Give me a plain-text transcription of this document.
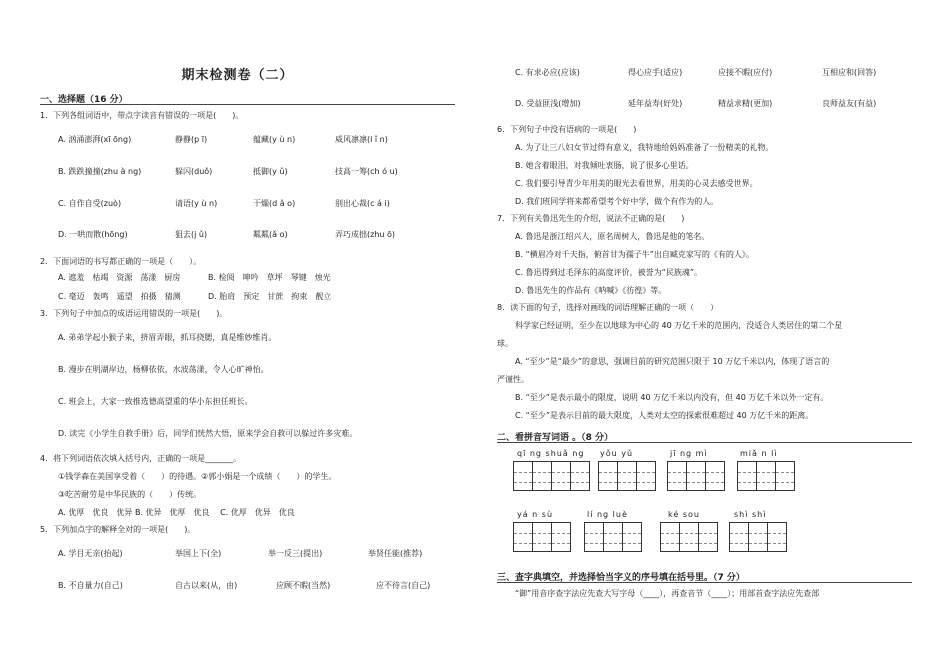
期末检测卷（二）
一、选择题（16 分）
1．下列各组词语中，带点字读音有错误的一项是(　　)。
A. 汹涌澎湃(xī ōng)	静静(p ī)	蕴藏(y ù n)	威风凛凛(l ǐ n)
B. 跌跌撞撞(zhu à ng)	躲闪(duǒ)	抵御(y ǔ)	技高一筹(ch ó u)
C. 自作自受(zuò)	请语(y ù n)	干燥(d ǎ o)	别出心裁(c á i)
D. 一哄而散(hōng)	狙去(j ǔ)	粼粼(ǎ o)	弄巧成拙(zhu ō)
2．下面词语的书写都正确的一项是（　　）。
A. 遮羞　枯竭　资源　荡漾　厨房	B. 检阅　呻吟　草坪　琴键　烛光
C. 毫迈　轰鸣　遥望　拍摄　猜测	D. 胎肩　预定　甘蔗　拘束　靓立
3．下列句子中加点的成语运用错误的一项是(　　)。
A. 弟弟学起小猴子来，挤眉弄眼，抓耳挠腮，真是维妙维肖。
B. 漫步在明湖岸边，杨柳依依，水波荡漾，令人心旷神怡。
C. 班会上，大家一致推选德高望重的华小东担任班长。
D. 读完《小学生自救手册》后，同学们恍然大悟，原来学会自救可以躲过许多灾难。
4．将下列词语依次填入括号内，正确的一项是_______。
①钱学森在美国享受着（　　）的待遇。②郭小娟是一个成绩（　　）的学生。
③吃苦耐劳是中华民族的（　　）传统。
A. 优厚　优良　优异 B. 优异　优厚　优良　 C. 优厚　优异　优良
5．下列加点字的解释全对的一项是(　　)。
A. 学目无亲(抬起)	举国上下(全)	举一反三(提出)	举贤任能(推荐)
B. 不自量力(自己)	自古以来(从，由)	应顾不暇(当然)	应不待言(自己)
C. 有求必应(应该)	得心应手(适应)	应接不暇(应付)	互相应和(回答)
D. 受益匪浅(增加)	延年益寿(好处)	精益求精(更加)	良师益友(有益)
6．下列句子中没有语病的一项是(　　)
A. 为了让三八妇女节过得有意义，我特地给妈妈准备了一份精美的礼物。
B. 她含着眼泪，对我倾吐衷肠，说了很多心里话。
C. 我们要引导青少年用美的眼光去看世界，用美的心灵去感受世界。
D. 我们班同学将来都希望考个好中学，做个有作为的人。
7．下列有关鲁迅先生的介绍，说法不正确的是(　　)
A. 鲁迅是浙江绍兴人，原名周树人，鲁迅是他的笔名。
B. “横眉冷对千夫指，俯首甘为孺子牛”出自臧克家写的《有的人》。
C. 鲁迅得到过毛泽东的高度评价，被誉为“民族魂”。
D. 鲁迅先生的作品有《呐喊》《彷徨》等。
8．读下面的句子，选择对画线的词语理解正确的一项（　　）
科学家已经证明，至少在以地球为中心的 40 万亿千米的范围内，没适合人类居住的第二个星
球。
A. “至少”是“最少”的意思，强调目前的研究范围只限于 10 万亿千米以内，体现了语言的
严谨性。
B. “至少”是表示最小的限度，说明 40 万亿千米以内没有，但 40 万亿千米以外一定有。
C. “至少”是表示目前的最大限度，人类对太空的探索很难超过 40 万亿千米的距离。
二、看拼音写词语 。（8 分）
qī ng shuǎ ng yǒu yǔ	jī ng mì	miǎ n lì
yá n sù	lí ng luè	ké sou	shì shì
三、查字典填空，并选择恰当字义的序号填在括号里。（7 分）
“御”用音序查字法应先查大写字母（____），再查音节（____）；用部首查字法应先查部
